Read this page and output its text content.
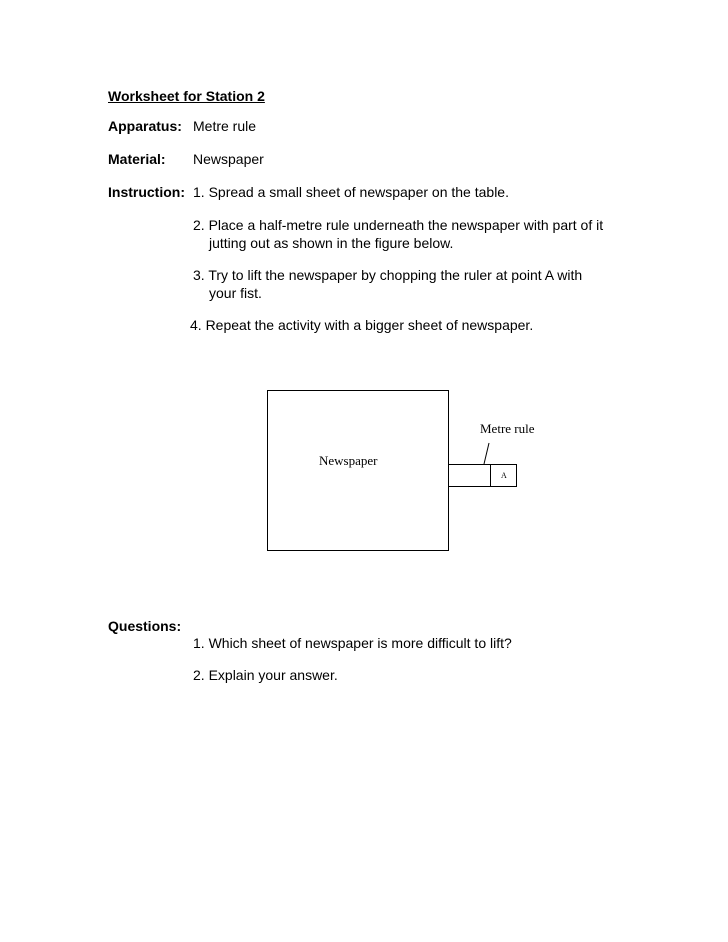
Worksheet for Station 2
Apparatus: Metre rule
Material: Newspaper
Instruction: 1. Spread a small sheet of newspaper on the table.
2. Place a half-metre rule underneath the newspaper with part of it
jutting out as shown in the figure below.
3. Try to lift the newspaper by chopping the ruler at point A with
your fist.
4. Repeat the activity with a bigger sheet of newspaper.
Newspaper
A
Metre rule
Questions:
1. Which sheet of newspaper is more difficult to lift?
2. Explain your answer.
